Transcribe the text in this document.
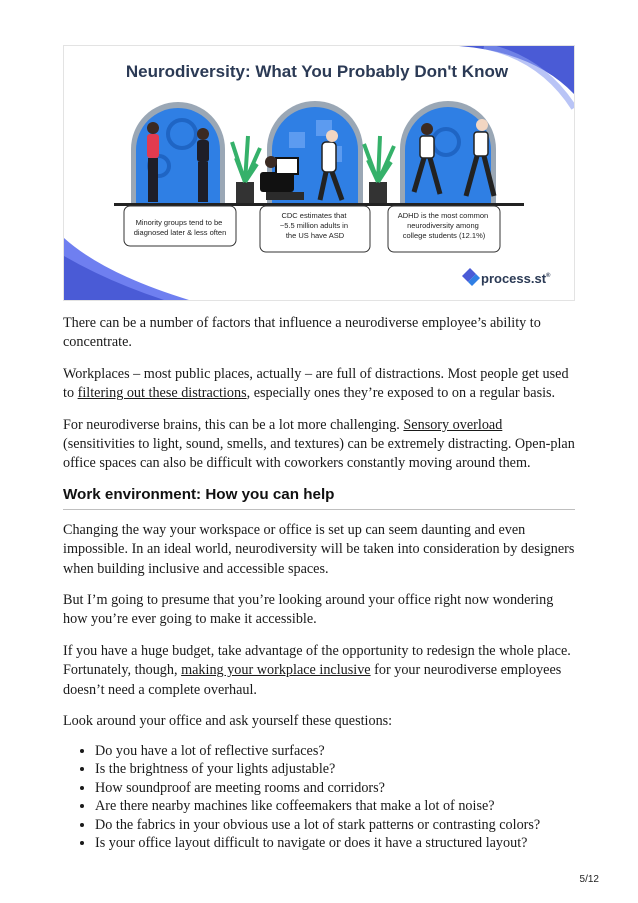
Neurodiversity: What You Probably Don't Know
Minority groups tend to be diagnosed later & less often
CDC estimates that ~5.5 million adults in the US have ASD
ADHD is the most common neurodiversity among college students (12.1%)
process.st®

There can be a number of factors that influence a neurodiverse employee’s ability to concentrate.

Workplaces – most public places, actually – are full of distractions. Most people get used to filtering out these distractions, especially ones they’re exposed to on a regular basis.

For neurodiverse brains, this can be a lot more challenging. Sensory overload (sensitivities to light, sound, smells, and textures) can be extremely distracting. Open-plan office spaces can also be difficult with coworkers constantly moving around them.

Work environment: How you can help

Changing the way your workspace or office is set up can seem daunting and even impossible. In an ideal world, neurodiversity will be taken into consideration by designers when building inclusive and accessible spaces.

But I’m going to presume that you’re looking around your office right now wondering how you’re ever going to make it accessible.

If you have a huge budget, take advantage of the opportunity to redesign the whole place. Fortunately, though, making your workplace inclusive for your neurodiverse employees doesn’t need a complete overhaul.

Look around your office and ask yourself these questions:

• Do you have a lot of reflective surfaces?
• Is the brightness of your lights adjustable?
• How soundproof are meeting rooms and corridors?
• Are there nearby machines like coffeemakers that make a lot of noise?
• Do the fabrics in your obvious use a lot of stark patterns or contrasting colors?
• Is your office layout difficult to navigate or does it have a structured layout?
5/12
